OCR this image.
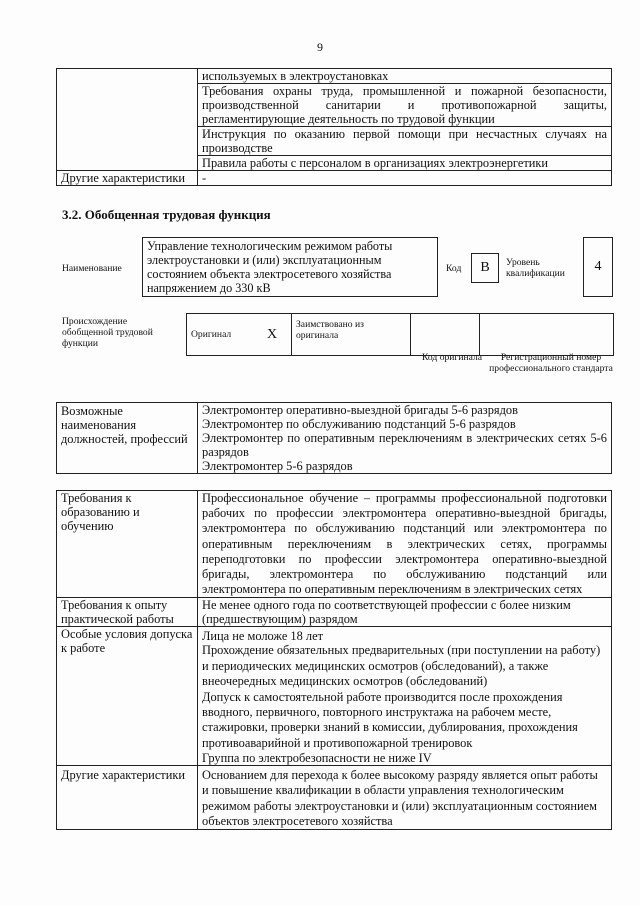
9
	используемых в электроустановках
	Требования охраны труда, промышленной и пожарной безопасности, производственной санитарии и противопожарной защиты, регламентирующие деятельность по трудовой функции
	Инструкция по оказанию первой помощи при несчастных случаях на производстве
	Правила работы с персоналом в организациях электроэнергетики
Другие характеристики	-
3.2. Обобщенная трудовая функция
Наименование
Управление технологическим режимом работы электроустановки и (или) эксплуатационным состоянием объекта электросетевого хозяйства напряжением до 330 кВ
Код	B	Уровень квалификации	4
Происхождение обобщенной трудовой функции
Оригинал	X	Заимствовано из оригинала		
Код оригинала	Регистрационный номер профессионального стандарта
Возможные наименования должностей, профессий	Электромонтер оперативно-выездной бригады 5-6 разрядов
Электромонтер по обслуживанию подстанций 5-6 разрядов
Электромонтер по оперативным переключениям в электрических сетях 5-6 разрядов
Электромонтер 5-6 разрядов
Требования к образованию и обучению	Профессиональное обучение – программы профессиональной подготовки рабочих по профессии электромонтера оперативно-выездной бригады, электромонтера по обслуживанию подстанций или электромонтера по оперативным переключениям в электрических сетях, программы переподготовки по профессии электромонтера оперативно-выездной бригады, электромонтера по обслуживанию подстанций или электромонтера по оперативным переключениям в электрических сетях
Требования к опыту практической работы	Не менее одного года по соответствующей профессии с более низким (предшествующим) разрядом
Особые условия допуска к работе	Лица не моложе 18 лет
	Прохождение обязательных предварительных (при поступлении на работу) и периодических медицинских осмотров (обследований), а также внеочередных медицинских осмотров (обследований)
	Допуск к самостоятельной работе производится после прохождения вводного, первичного, повторного инструктажа на рабочем месте, стажировки, проверки знаний в комиссии, дублирования, прохождения противоаварийной и противопожарной тренировок
	Группа по электробезопасности не ниже IV
Другие характеристики	Основанием для перехода к более высокому разряду является опыт работы и повышение квалификации в области управления технологическим режимом работы электроустановки и (или) эксплуатационным состоянием объектов электросетевого хозяйства
